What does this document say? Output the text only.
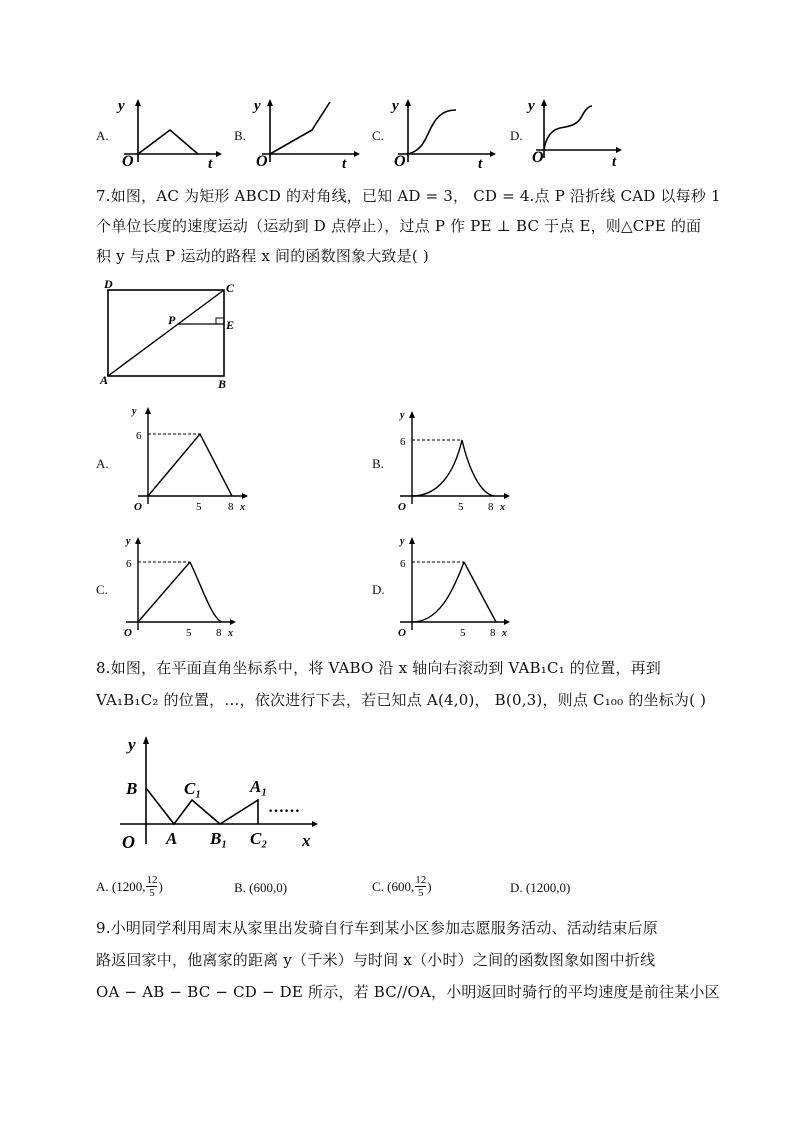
A.
y
O	t
B.
y
O	t
C.
y
O	t
D.
y
O	t
7.如图，AC 为矩形 ABCD 的对角线，已知 AD = 3， CD = 4.点 P 沿折线 CAD 以每秒 1
个单位长度的速度运动（运动到 D 点停止），过点 P 作 PE ⊥ BC 于点 E，则△CPE 的面
积 y 与点 P 运动的路程 x 间的函数图象大致是( )
D	C
P	E
A	B
A.
y
6
O	5 8 x
B.
y
6
O	5 8 x
C.
y
6
O	5 8 x
D.
y
6
O	5 8 x
8.如图，在平面直角坐标系中，将 VABO 沿 x 轴向右滚动到 VAB₁C₁ 的位置，再到
VA₁B₁C₂ 的位置，…，依次进行下去，若已知点 A(4,0)， B(0,3)，则点 C₁₀₀ 的坐标为( )
y
B	C₁	A₁
……
O A B₁ C₂ x
A.
(1200, 12
5 )	B. (600,0)	C.
(600, 12
5 )	D. (1200,0)
9.小明同学利用周末从家里出发骑自行车到某小区参加志愿服务活动、活动结束后原
路返回家中，他离家的距离 y（千米）与时间 x（小时）之间的函数图象如图中折线
OA − AB − BC − CD − DE 所示，若 BC//OA，小明返回时骑行的平均速度是前往某小区
